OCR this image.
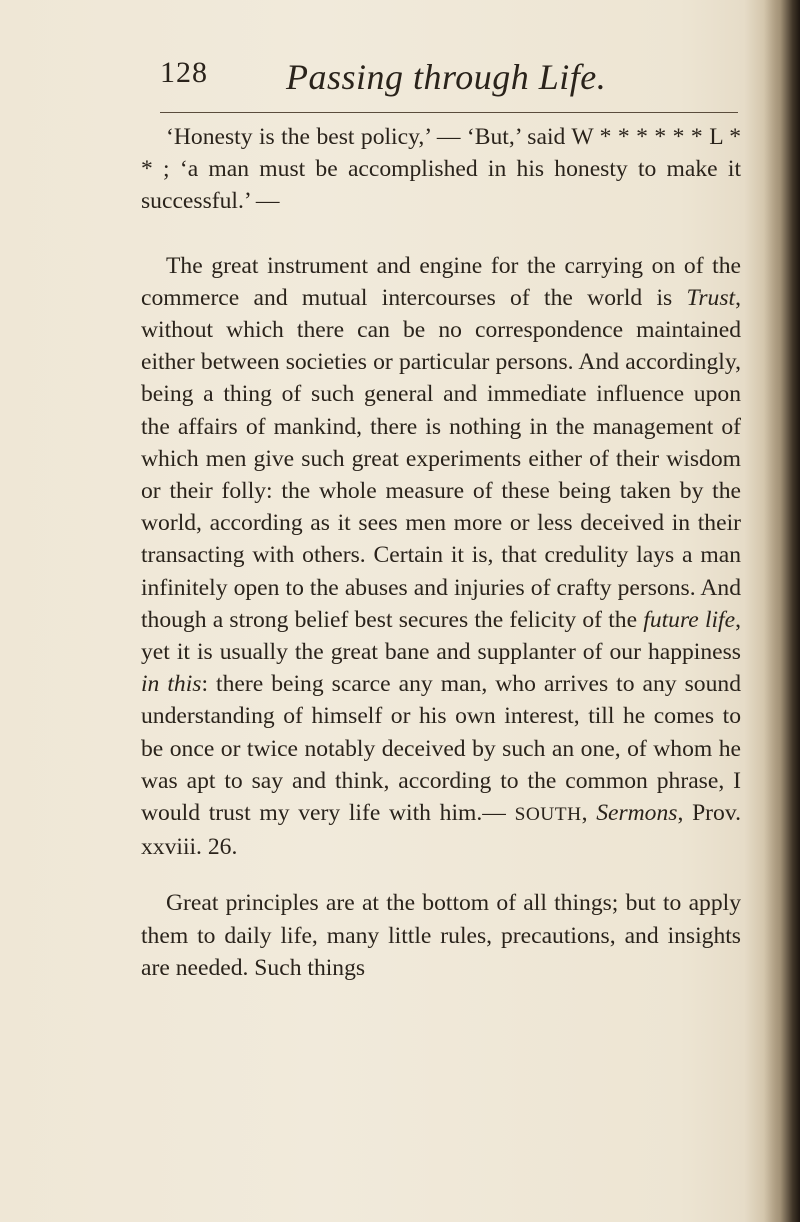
128 Passing through Life.

‘Honesty is the best policy,’ — ‘But,’ said W * * * * * * L * * ; ‘a man must be accomplished in his honesty to make it successful.’ —

The great instrument and engine for the carrying on of the commerce and mutual intercourses of the world is Trust, without which there can be no correspondence maintained either between societies or particular persons. And accordingly, being a thing of such general and immediate influence upon the affairs of mankind, there is nothing in the management of which men give such great experiments either of their wisdom or their folly: the whole measure of these being taken by the world, according as it sees men more or less deceived in their transacting with others. Certain it is, that credulity lays a man infinitely open to the abuses and injuries of crafty persons. And though a strong belief best secures the felicity of the future life, yet it is usually the great bane and supplanter of our happiness in this: there being scarce any man, who arrives to any sound understanding of himself or his own interest, till he comes to be once or twice notably deceived by such an one, of whom he was apt to say and think, according to the common phrase, I would trust my very life with him.— SOUTH, Sermons, Prov. xxviii. 26.

Great principles are at the bottom of all things; but to apply them to daily life, many little rules, precautions, and insights are needed. Such things
